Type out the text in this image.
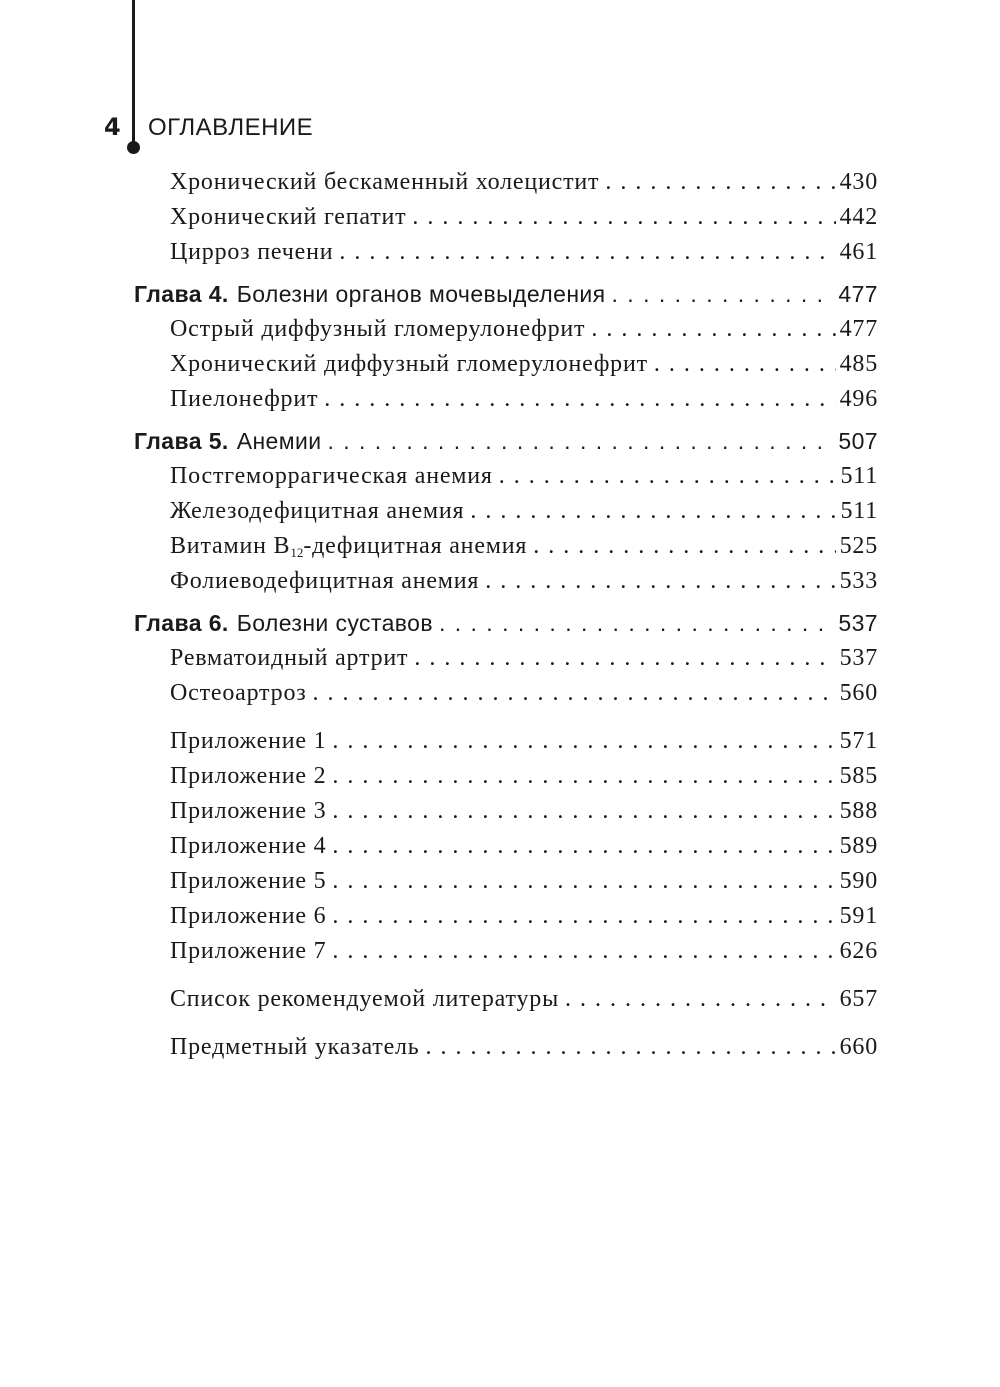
4 ОГЛАВЛЕНИЕ
Хронический бескаменный холецистит . . .	430
Хронический гепатит . . .	442
Цирроз печени . . .	461
Глава 4. Болезни органов мочевыделения . . .	477
Острый диффузный гломерулонефрит . . .	477
Хронический диффузный гломерулонефрит . . .	485
Пиелонефрит . . .	496
Глава 5. Анемии . . .	507
Постгеморрагическая анемия . . .	511
Железодефицитная анемия . . .	511
Витамин $B_{12}$-дефицитная анемия . . .	525
Фолиеводефицитная анемия . . .	533
Глава 6. Болезни суставов . . .	537
Ревматоидный артрит . . .	537
Остеоартроз . . .	560
Приложение 1 . . .	571
Приложение 2 . . .	585
Приложение 3 . . .	588
Приложение 4 . . .	589
Приложение 5 . . .	590
Приложение 6 . . .	591
Приложение 7 . . .	626
Список рекомендуемой литературы . . .	657
Предметный указатель . . .	660
